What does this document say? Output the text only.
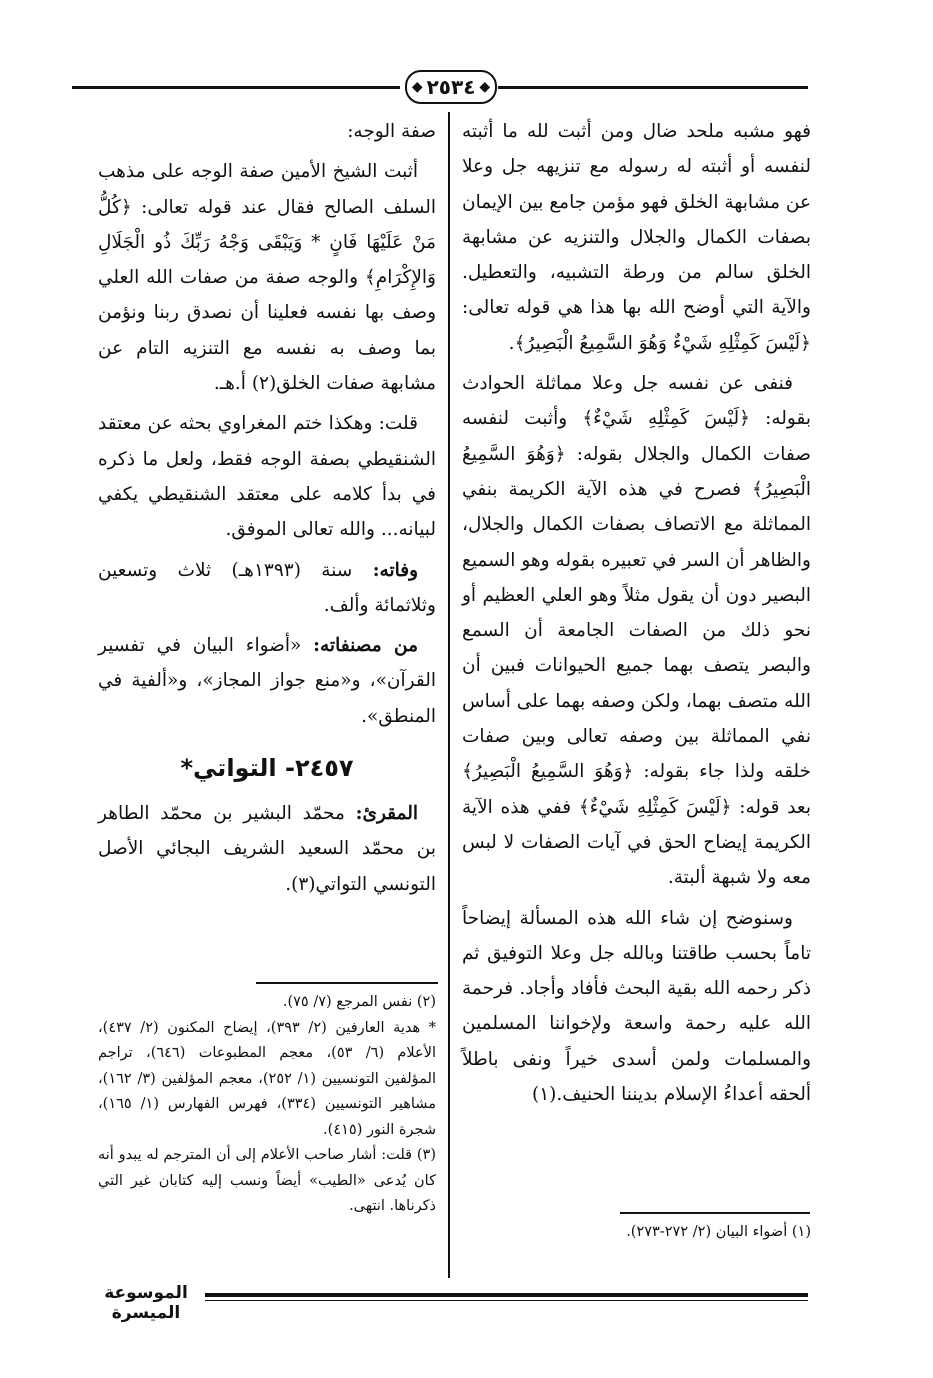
◆
٢٥٣٤
◆

فهو مشبه ملحد ضال ومن أثبت لله ما أثبته لنفسه أو أثبته له رسوله مع تنزيهه جل وعلا عن مشابهة الخلق فهو مؤمن جامع بين الإيمان بصفات الكمال والجلال والتنزيه عن مشابهة الخلق سالم من ورطة التشبيه، والتعطيل. والآية التي أوضح الله بها هذا هي قوله تعالى: ﴿لَيْسَ كَمِثْلِهِ شَيْءٌ وَهُوَ السَّمِيعُ الْبَصِيرُ﴾.

فنفى عن نفسه جل وعلا مماثلة الحوادث بقوله: ﴿لَيْسَ كَمِثْلِهِ شَيْءٌ﴾ وأثبت لنفسه صفات الكمال والجلال بقوله: ﴿وَهُوَ السَّمِيعُ الْبَصِيرُ﴾ فصرح في هذه الآية الكريمة بنفي المماثلة مع الاتصاف بصفات الكمال والجلال، والظاهر أن السر في تعبيره بقوله وهو السميع البصير دون أن يقول مثلاً وهو العلي العظيم أو نحو ذلك من الصفات الجامعة أن السمع والبصر يتصف بهما جميع الحيوانات فبين أن الله متصف بهما، ولكن وصفه بهما على أساس نفي المماثلة بين وصفه تعالى وبين صفات خلقه ولذا جاء بقوله: ﴿وَهُوَ السَّمِيعُ الْبَصِيرُ﴾ بعد قوله: ﴿لَيْسَ كَمِثْلِهِ شَيْءٌ﴾ ففي هذه الآية الكريمة إيضاح الحق في آيات الصفات لا لبس معه ولا شبهة ألبتة.

وسنوضح إن شاء الله هذه المسألة إيضاحاً تاماً بحسب طاقتنا وبالله جل وعلا التوفيق ثم ذكر رحمه الله بقية البحث فأفاد وأجاد. فرحمة الله عليه رحمة واسعة ولإخواننا المسلمين والمسلمات ولمن أسدى خيراً ونفى باطلاً ألحقه أعداءُ الإسلام بديننا الحنيف.(١)

صفة الوجه:

أثبت الشيخ الأمين صفة الوجه على مذهب السلف الصالح فقال عند قوله تعالى: ﴿كُلُّ مَنْ عَلَيْهَا فَانٍ * وَيَبْقَى وَجْهُ رَبِّكَ ذُو الْجَلَالِ وَالإِكْرَامِ﴾ والوجه صفة من صفات الله العلي وصف بها نفسه فعلينا أن نصدق ربنا ونؤمن بما وصف به نفسه مع التنزيه التام عن مشابهة صفات الخلق(٢) أ.هـ.

قلت: وهكذا ختم المغراوي بحثه عن معتقد الشنقيطي بصفة الوجه فقط، ولعل ما ذكره في بدأ كلامه على معتقد الشنقيطي يكفي لبيانه... والله تعالى الموفق.

وفاته: سنة (١٣٩٣هـ) ثلاث وتسعين وثلاثمائة وألف.

من مصنفاته: «أضواء البيان في تفسير القرآن»، و«منع جواز المجاز»، و«ألفية في المنطق».

٢٤٥٧- التواتي*

المقرئ: محمّد البشير بن محمّد الطاهر بن محمّد السعيد الشريف البجائي الأصل التونسي التواتي(٣).

(٢) نفس المرجع (٧/ ٧٥).

* هدية العارفين (٢/ ٣٩٣)، إيضاح المكنون (٢/ ٤٣٧)، الأعلام (٦/ ٥٣)، معجم المطبوعات (٦٤٦)، تراجم المؤلفين التونسيين (١/ ٢٥٢)، معجم المؤلفين (٣/ ١٦٢)، مشاهير التونسيين (٣٣٤)، فهرس الفهارس (١/ ١٦٥)، شجرة النور (٤١٥).

(٣) قلت: أشار صاحب الأعلام إلى أن المترجم له يبدو أنه كان يُدعى «الطيب» أيضاً ونسب إليه كتابان غير التي ذكرناها. انتهى.

(١) أضواء البيان (٢/ ٢٧٢-٢٧٣).

الموسوعة الميسرة
